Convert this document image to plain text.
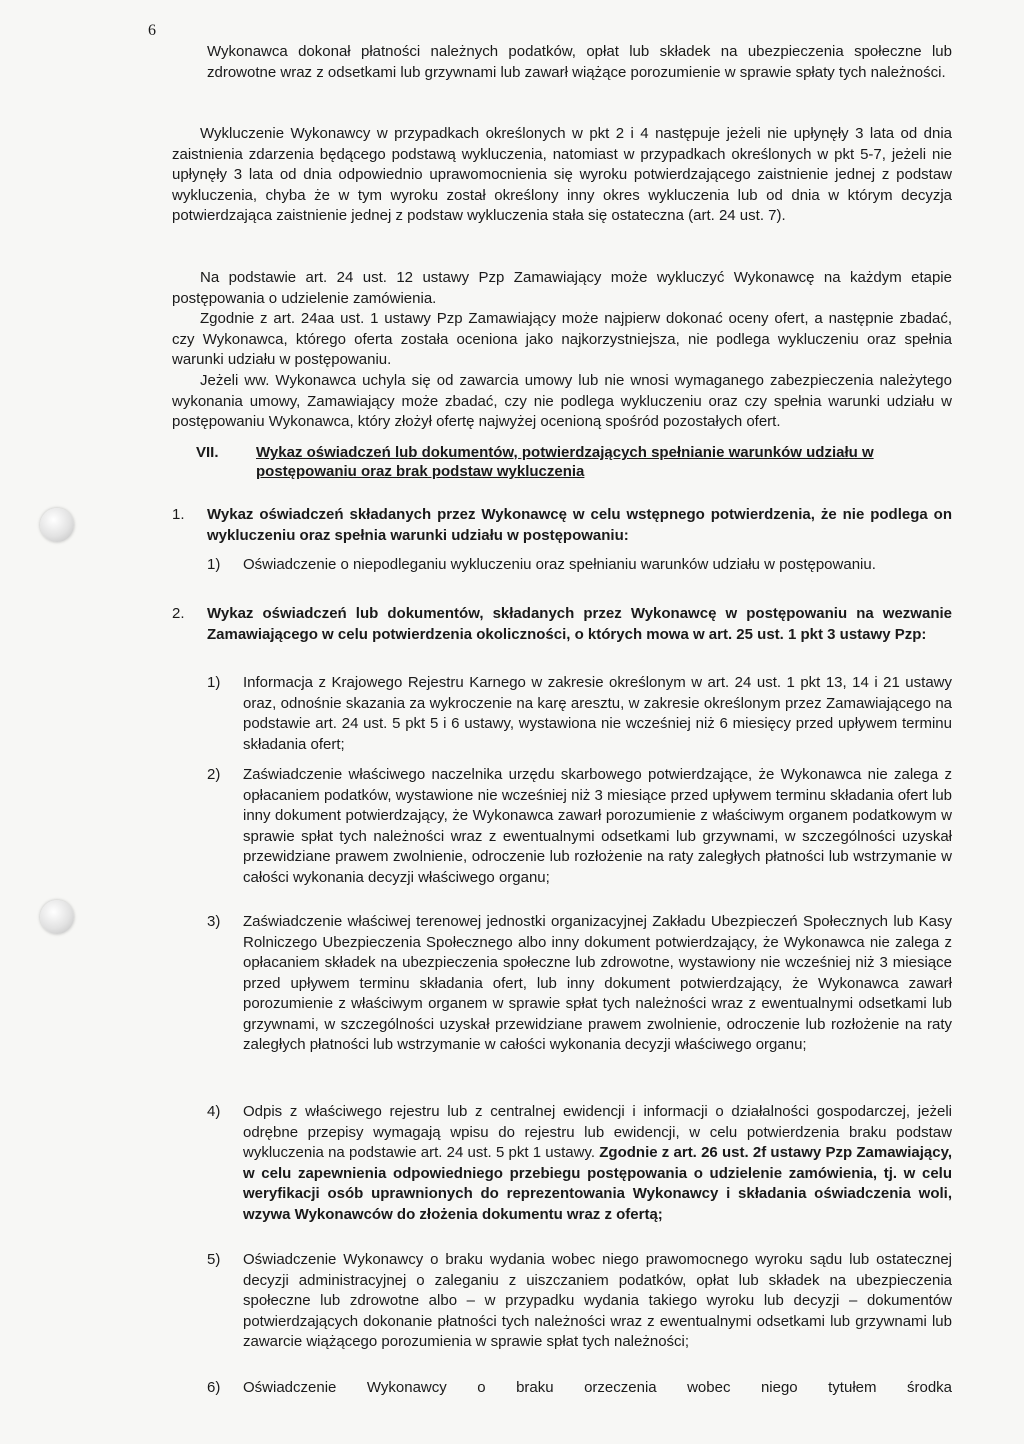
6

Wykonawca dokonał płatności należnych podatków, opłat lub składek na ubezpieczenia społeczne lub zdrowotne wraz z odsetkami lub grzywnami lub zawarł wiążące porozumienie w sprawie spłaty tych należności.

Wykluczenie Wykonawcy w przypadkach określonych w pkt 2 i 4 następuje jeżeli nie upłynęły 3 lata od dnia zaistnienia zdarzenia będącego podstawą wykluczenia, natomiast w przypadkach określonych w pkt 5-7, jeżeli nie upłynęły 3 lata od dnia odpowiednio uprawomocnienia się wyroku potwierdzającego zaistnienie jednej z podstaw wykluczenia, chyba że w tym wyroku został określony inny okres wykluczenia lub od dnia w którym decyzja potwierdzająca zaistnienie jednej z podstaw wykluczenia stała się ostateczna (art. 24 ust. 7).

Na podstawie art. 24 ust. 12 ustawy Pzp Zamawiający może wykluczyć Wykonawcę na każdym etapie postępowania o udzielenie zamówienia.

Zgodnie z art. 24aa ust. 1 ustawy Pzp Zamawiający może najpierw dokonać oceny ofert, a następnie zbadać, czy Wykonawca, którego oferta została oceniona jako najkorzystniejsza, nie podlega wykluczeniu oraz spełnia warunki udziału w postępowaniu.

Jeżeli ww. Wykonawca uchyla się od zawarcia umowy lub nie wnosi wymaganego zabezpieczenia należytego wykonania umowy, Zamawiający może zbadać, czy nie podlega wykluczeniu oraz czy spełnia warunki udziału w postępowaniu Wykonawca, który złożył ofertę najwyżej ocenioną spośród pozostałych ofert.

VII. Wykaz oświadczeń lub dokumentów, potwierdzających spełnianie warunków udziału w postępowaniu oraz brak podstaw wykluczenia
1. Wykaz oświadczeń składanych przez Wykonawcę w celu wstępnego potwierdzenia, że nie podlega on wykluczeniu oraz spełnia warunki udziału w postępowaniu:

1) Oświadczenie o niepodleganiu wykluczeniu oraz spełnianiu warunków udziału w postępowaniu.

2. Wykaz oświadczeń lub dokumentów, składanych przez Wykonawcę w postępowaniu na wezwanie Zamawiającego w celu potwierdzenia okoliczności, o których mowa w art. 25 ust. 1 pkt 3 ustawy Pzp:

1) Informacja z Krajowego Rejestru Karnego w zakresie określonym w art. 24 ust. 1 pkt 13, 14 i 21 ustawy oraz, odnośnie skazania za wykroczenie na karę aresztu, w zakresie określonym przez Zamawiającego na podstawie art. 24 ust. 5 pkt 5 i 6 ustawy, wystawiona nie wcześniej niż 6 miesięcy przed upływem terminu składania ofert;

2) Zaświadczenie właściwego naczelnika urzędu skarbowego potwierdzające, że Wykonawca nie zalega z opłacaniem podatków, wystawione nie wcześniej niż 3 miesiące przed upływem terminu składania ofert lub inny dokument potwierdzający, że Wykonawca zawarł porozumienie z właściwym organem podatkowym w sprawie spłat tych należności wraz z ewentualnymi odsetkami lub grzywnami, w szczególności uzyskał przewidziane prawem zwolnienie, odroczenie lub rozłożenie na raty zaległych płatności lub wstrzymanie w całości wykonania decyzji właściwego organu;

3) Zaświadczenie właściwej terenowej jednostki organizacyjnej Zakładu Ubezpieczeń Społecznych lub Kasy Rolniczego Ubezpieczenia Społecznego albo inny dokument potwierdzający, że Wykonawca nie zalega z opłacaniem składek na ubezpieczenia społeczne lub zdrowotne, wystawiony nie wcześniej niż 3 miesiące przed upływem terminu składania ofert, lub inny dokument potwierdzający, że Wykonawca zawarł porozumienie z właściwym organem w sprawie spłat tych należności wraz z ewentualnymi odsetkami lub grzywnami, w szczególności uzyskał przewidziane prawem zwolnienie, odroczenie lub rozłożenie na raty zaległych płatności lub wstrzymanie w całości wykonania decyzji właściwego organu;

4) Odpis z właściwego rejestru lub z centralnej ewidencji i informacji o działalności gospodarczej, jeżeli odrębne przepisy wymagają wpisu do rejestru lub ewidencji, w celu potwierdzenia braku podstaw wykluczenia na podstawie art. 24 ust. 5 pkt 1 ustawy. Zgodnie z art. 26 ust. 2f ustawy Pzp Zamawiający, w celu zapewnienia odpowiedniego przebiegu postępowania o udzielenie zamówienia, tj. w celu weryfikacji osób uprawnionych do reprezentowania Wykonawcy i składania oświadczenia woli, wzywa Wykonawców do złożenia dokumentu wraz z ofertą;

5) Oświadczenie Wykonawcy o braku wydania wobec niego prawomocnego wyroku sądu lub ostatecznej decyzji administracyjnej o zaleganiu z uiszczaniem podatków, opłat lub składek na ubezpieczenia społeczne lub zdrowotne albo – w przypadku wydania takiego wyroku lub decyzji – dokumentów potwierdzających dokonanie płatności tych należności wraz z ewentualnymi odsetkami lub grzywnami lub zawarcie wiążącego porozumienia w sprawie spłat tych należności;

6) Oświadczenie Wykonawcy o braku orzeczenia wobec niego tytułem środka
